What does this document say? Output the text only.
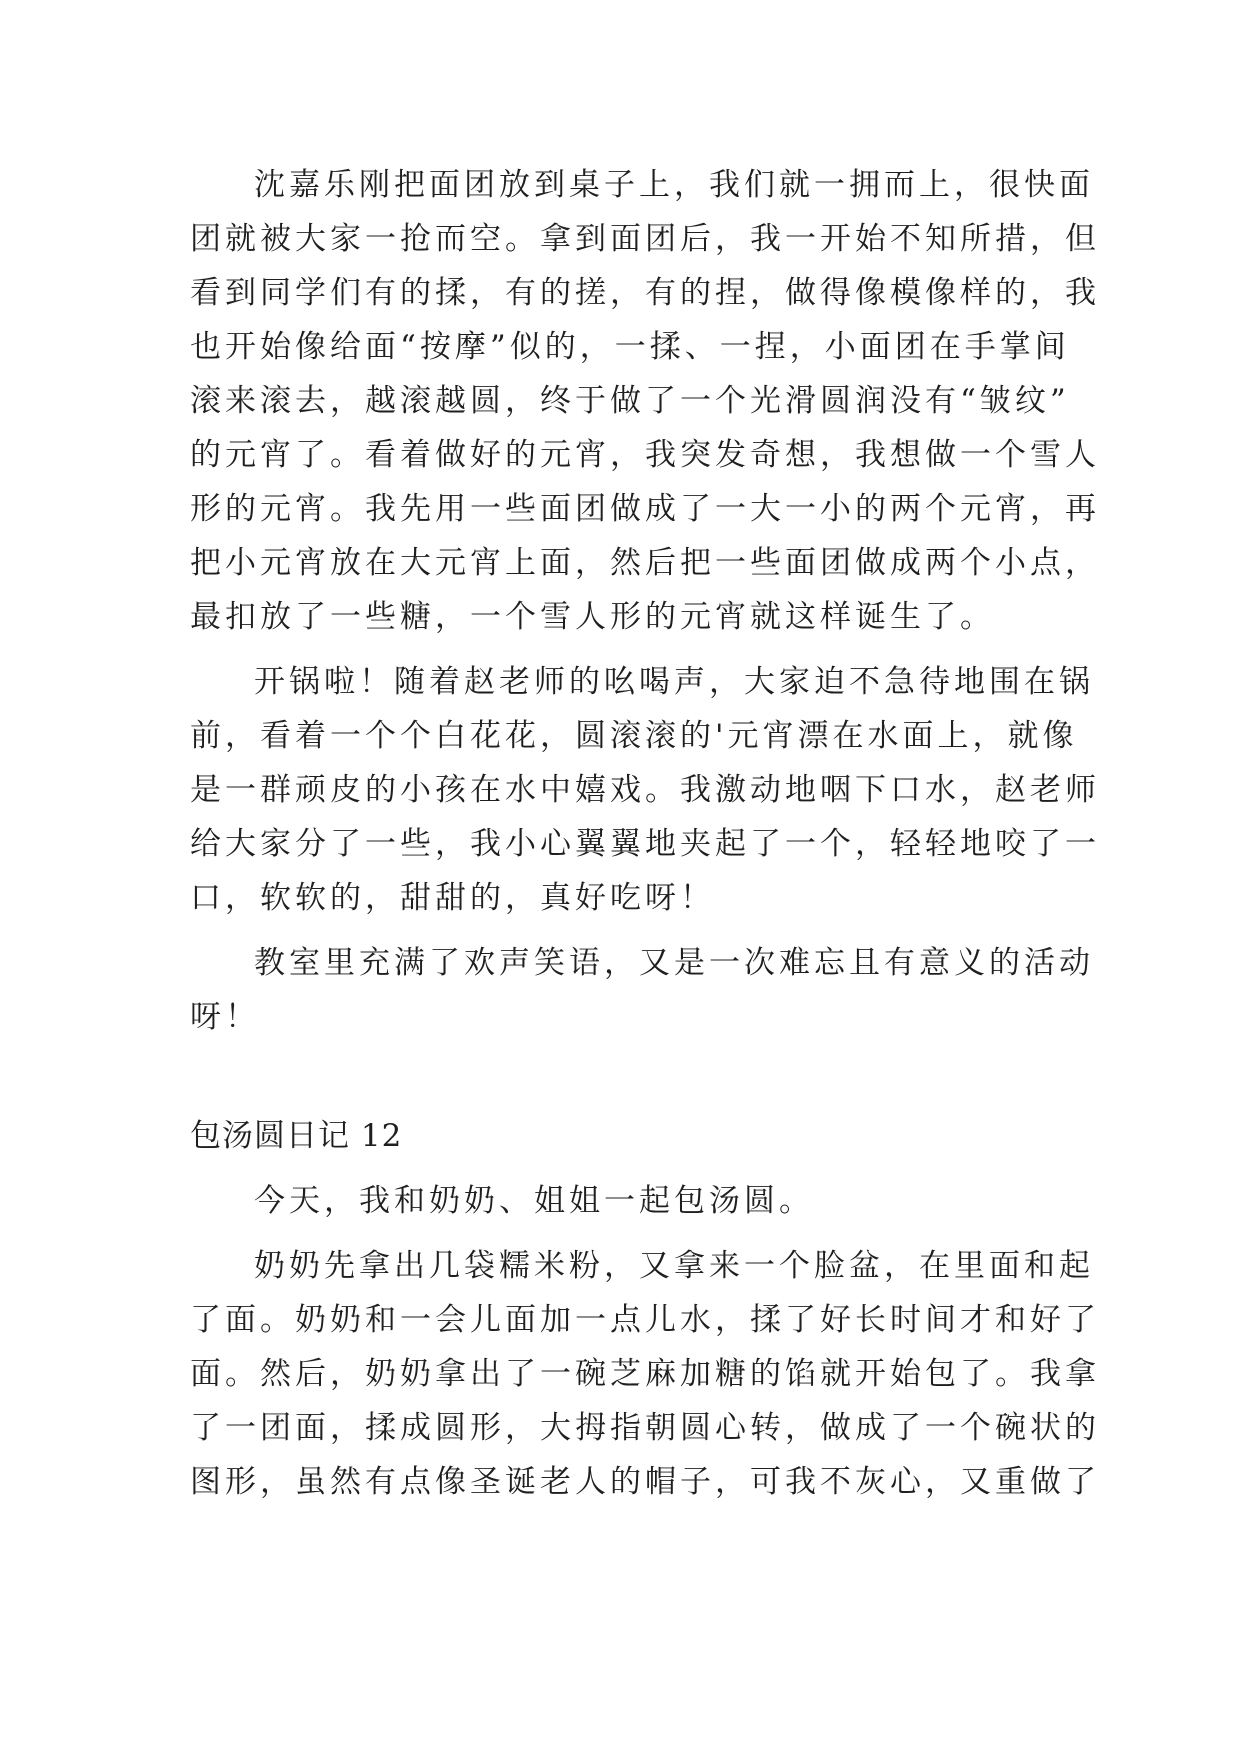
沈嘉乐刚把面团放到桌子上，我们就一拥而上，很快面
团就被大家一抢而空。拿到面团后，我一开始不知所措，但
看到同学们有的揉，有的搓，有的捏，做得像模像样的，我
也开始像给面“按摩”似的，一揉、一捏，小面团在手掌间
滚来滚去，越滚越圆，终于做了一个光滑圆润没有“皱纹”
的元宵了。看着做好的元宵，我突发奇想，我想做一个雪人
形的元宵。我先用一些面团做成了一大一小的两个元宵，再
把小元宵放在大元宵上面，然后把一些面团做成两个小点，
最扣放了一些糖，一个雪人形的元宵就这样诞生了。
开锅啦！随着赵老师的吆喝声，大家迫不急待地围在锅
前，看着一个个白花花，圆滚滚的'元宵漂在水面上，就像
是一群顽皮的小孩在水中嬉戏。我激动地咽下口水，赵老师
给大家分了一些，我小心翼翼地夹起了一个，轻轻地咬了一
口，软软的，甜甜的，真好吃呀！
教室里充满了欢声笑语，又是一次难忘且有意义的活动
呀！
包汤圆日记 12
今天，我和奶奶、姐姐一起包汤圆。
奶奶先拿出几袋糯米粉，又拿来一个脸盆，在里面和起
了面。奶奶和一会儿面加一点儿水，揉了好长时间才和好了
面。然后，奶奶拿出了一碗芝麻加糖的馅就开始包了。我拿
了一团面，揉成圆形，大拇指朝圆心转，做成了一个碗状的
图形，虽然有点像圣诞老人的帽子，可我不灰心，又重做了
